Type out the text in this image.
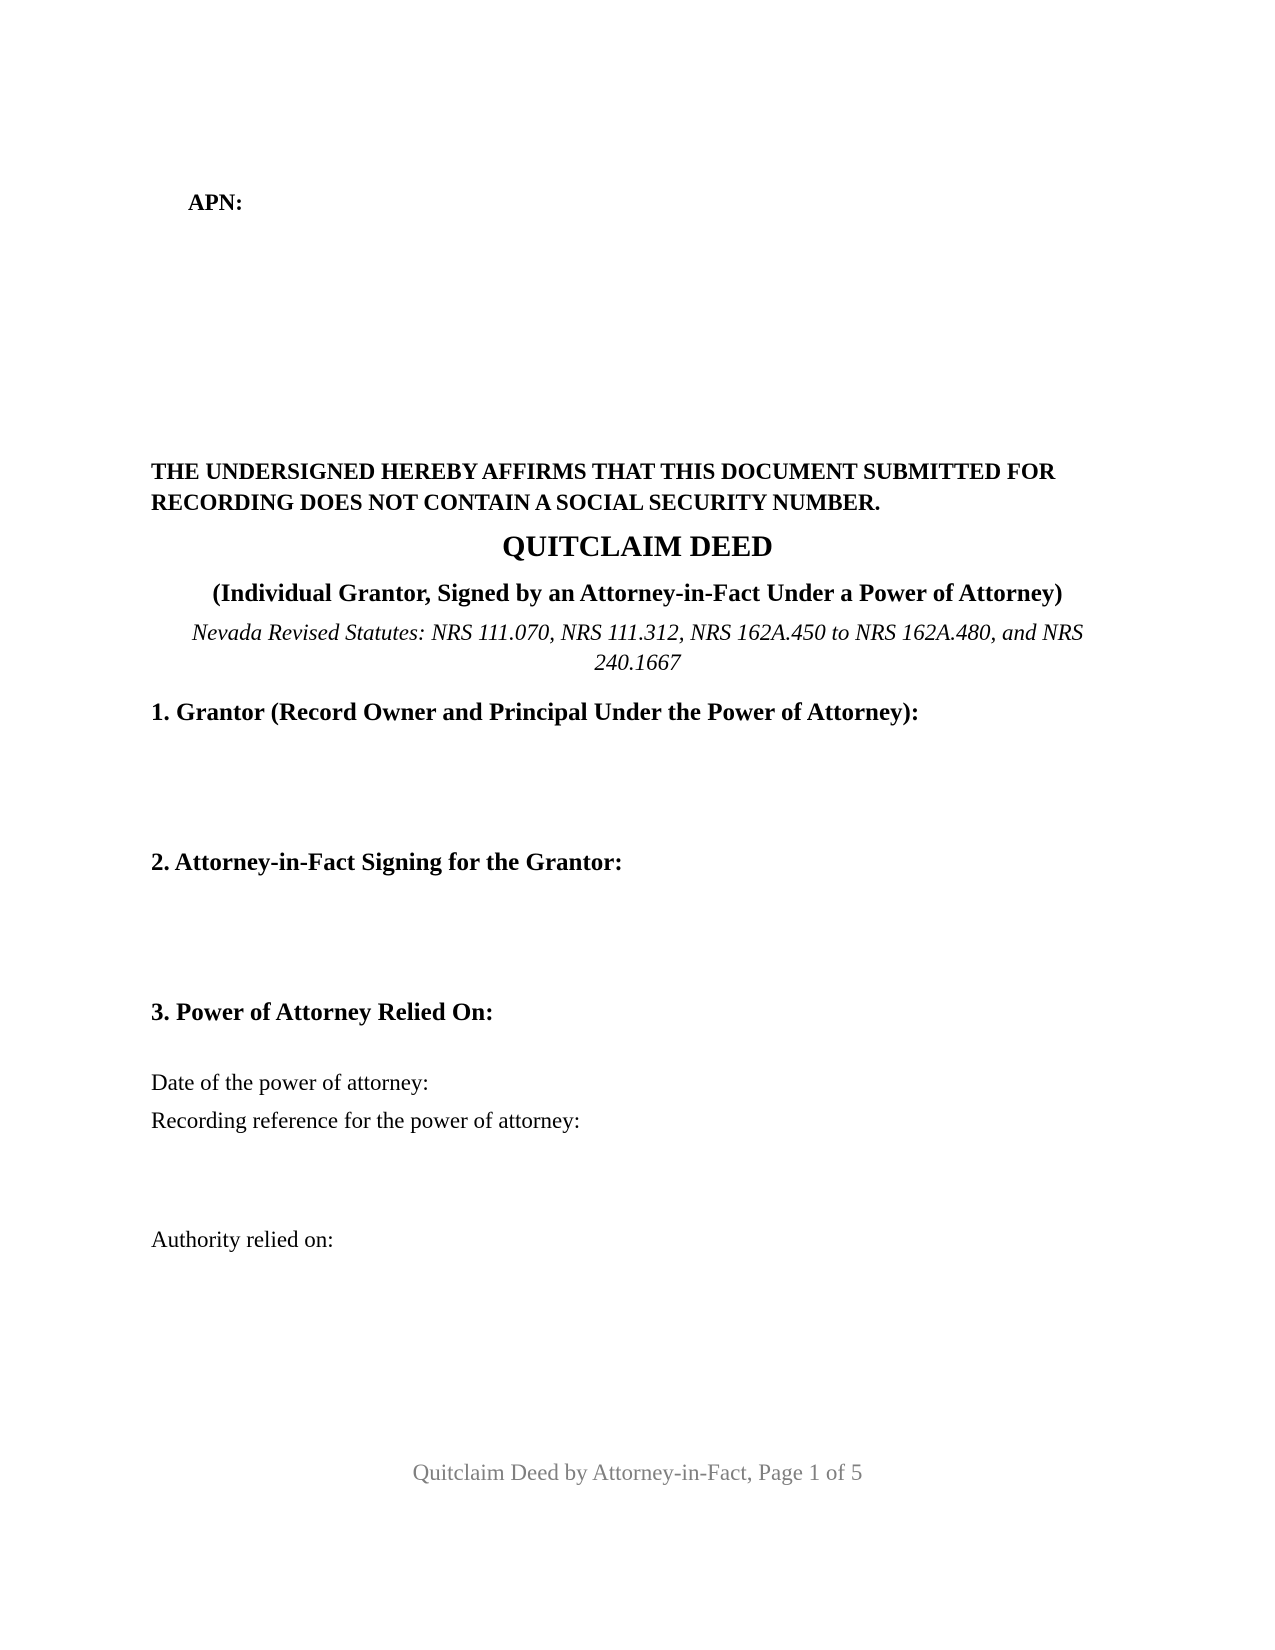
APN:
THE UNDERSIGNED HEREBY AFFIRMS THAT THIS DOCUMENT SUBMITTED FOR RECORDING DOES NOT CONTAIN A SOCIAL SECURITY NUMBER.
QUITCLAIM DEED
(Individual Grantor, Signed by an Attorney-in-Fact Under a Power of Attorney)
Nevada Revised Statutes: NRS 111.070, NRS 111.312, NRS 162A.450 to NRS 162A.480, and NRS 240.1667
1. Grantor (Record Owner and Principal Under the Power of Attorney):
2. Attorney-in-Fact Signing for the Grantor:
3. Power of Attorney Relied On:
Date of the power of attorney:
Recording reference for the power of attorney:
Authority relied on:
Quitclaim Deed by Attorney-in-Fact, Page 1 of 5
